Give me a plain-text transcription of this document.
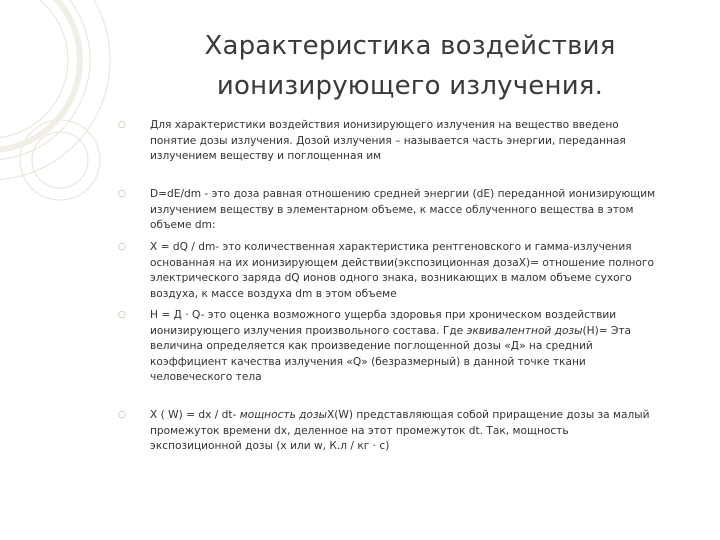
Характеристика воздействия
ионизирующего излучения.
○	Для характеристики воздействия ионизирующего излучения на вещество введено понятие дозы излучения. Дозой излучения – называется часть энергии, переданная излучением веществу и поглощенная им
○	D=dE/dm - это доза равная отношению средней энергии (dE) переданной ионизирующим излучением веществу в элементарном объеме, к массе облученного вещества в этом объеме dm:
○	Х = dQ / dm- это количественная характеристика рентгеновского и гамма-излучения основанная на их ионизирующем действии(экспозиционная дозаХ)= отношение полного электрического заряда dQ ионов одного знака, возникающих в малом объеме сухого воздуха, к массе воздуха dm в этом объеме
○	Н = Д · Q- это оценка возможного ущерба здоровья при хроническом воздействии ионизирующего излучения произвольного состава. Где эквивалентной дозы(Н)= Эта величина определяется как произведение поглощенной дозы «Д» на средний коэффициент качества излучения «Q» (безразмерный) в данной точке ткани человеческого тела
○	Х ( W) = dx / dt- мощность дозыХ(W) представляющая собой приращение дозы за малый промежуток времени dx, деленное на этот промежуток dt. Так, мощность экспозиционной дозы (х или w, К.л / кг · с)
